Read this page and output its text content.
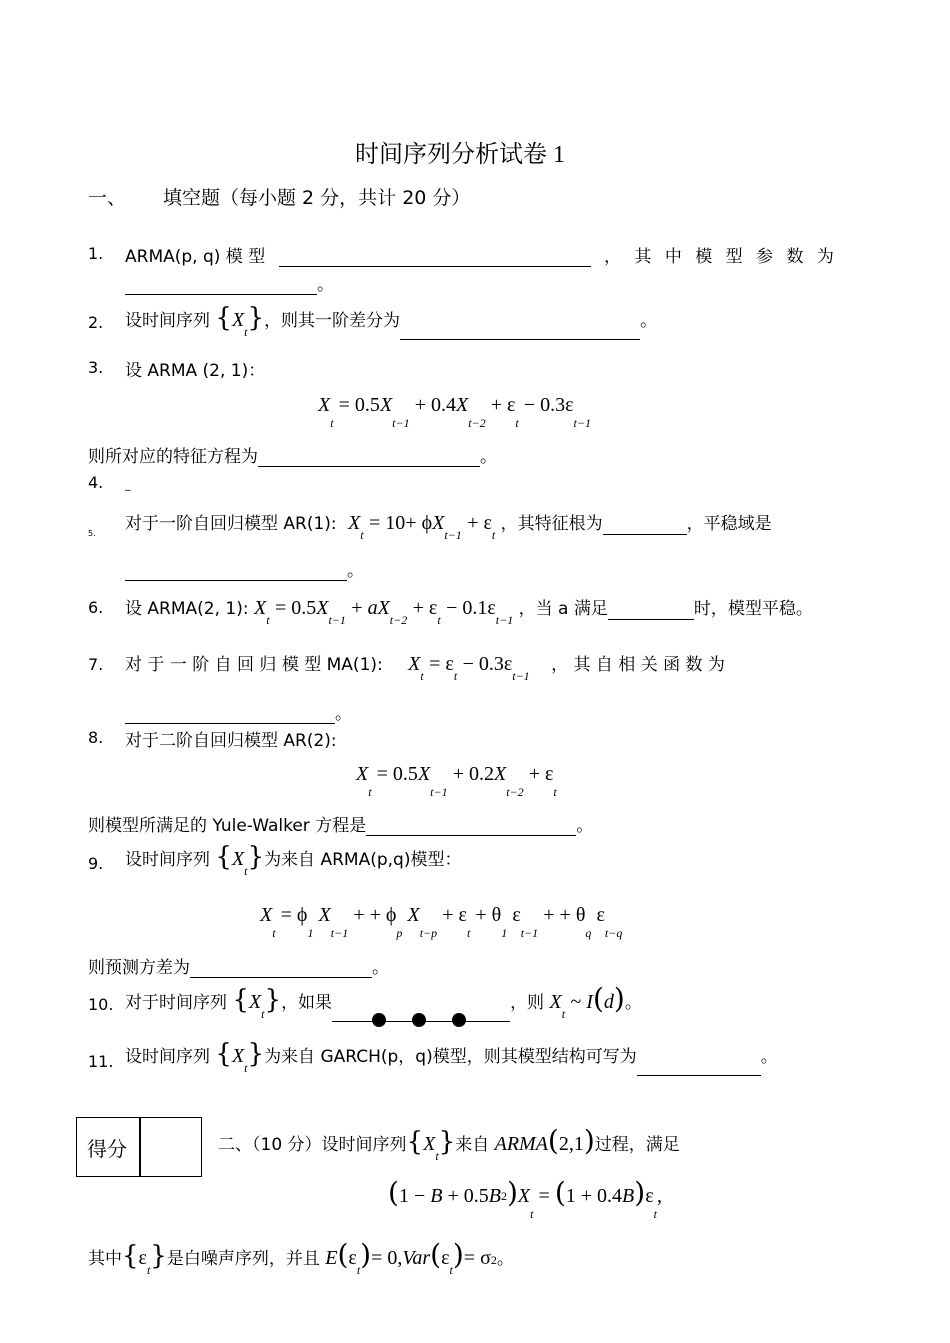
时间序列分析试卷 1
一、 填空题（每小题 2 分，共计 20 分）
1. ARMA(p, q) 模 型	， 其 中 模 型 参 数 为
。
2. 设时间序列 $\{X_t\}$，则其一阶差分为	。
3. 设 ARMA (2, 1)：
$X_t = 0.5X_{t-1} + 0.4X_{t-2} + \varepsilon_t - 0.3\varepsilon_{t-1}$
则所对应的特征方程为	。
4. _
5. 对于一阶自回归模型 AR(1): $X_t = 10+ \phi X_{t-1} + \varepsilon_t$ ，其特征根为	，平稳域是
。
6. 设 ARMA(2, 1): $X_t = 0.5X_{t-1} + aX_{t-2} + \varepsilon_t - 0.1\varepsilon_{t-1}$ ，当 a 满足	时，模型平稳。
7. 对 于 一 阶 自 回 归 模 型 MA(1): $X_t = \varepsilon_t - 0.3\varepsilon_{t-1}$ ， 其 自 相 关 函 数 为
。
8. 对于二阶自回归模型 AR(2):
$X_t = 0.5X_{t-1} + 0.2X_{t-2} + \varepsilon_t$
则模型所满足的 Yule-Walker 方程是	。
9. 设时间序列 $\{X_t\}$为来自 ARMA(p,q)模型：
$X_t = \phi_1$ $X_{t-1}$ + + $\phi_p$ $X_{t-p} + \varepsilon_t + \theta_1$ $\varepsilon_{t-1}$ + + $\theta_q$ $\varepsilon_{t-q}$
则预测方差为	。
10. 对于时间序列 $\{X_t\}$，如果	，则 $X_t$ ~ I(d)。
11. 设时间序列 $\{X_t\}$为来自 GARCH(p，q)模型，则其模型结构可写为	。
得分	二、（10 分）设时间序列$\{X_t\}$来自 ARMA(2,1)过程，满足
$(1 - B + 0.5B2)X_t = (1 + 0.4B)\varepsilon_t$,
其中$\{\varepsilon_t\}$是白噪声序列，并且 $E(\varepsilon_t)= 0,Var(\varepsilon_t)= \sigma 2$。
